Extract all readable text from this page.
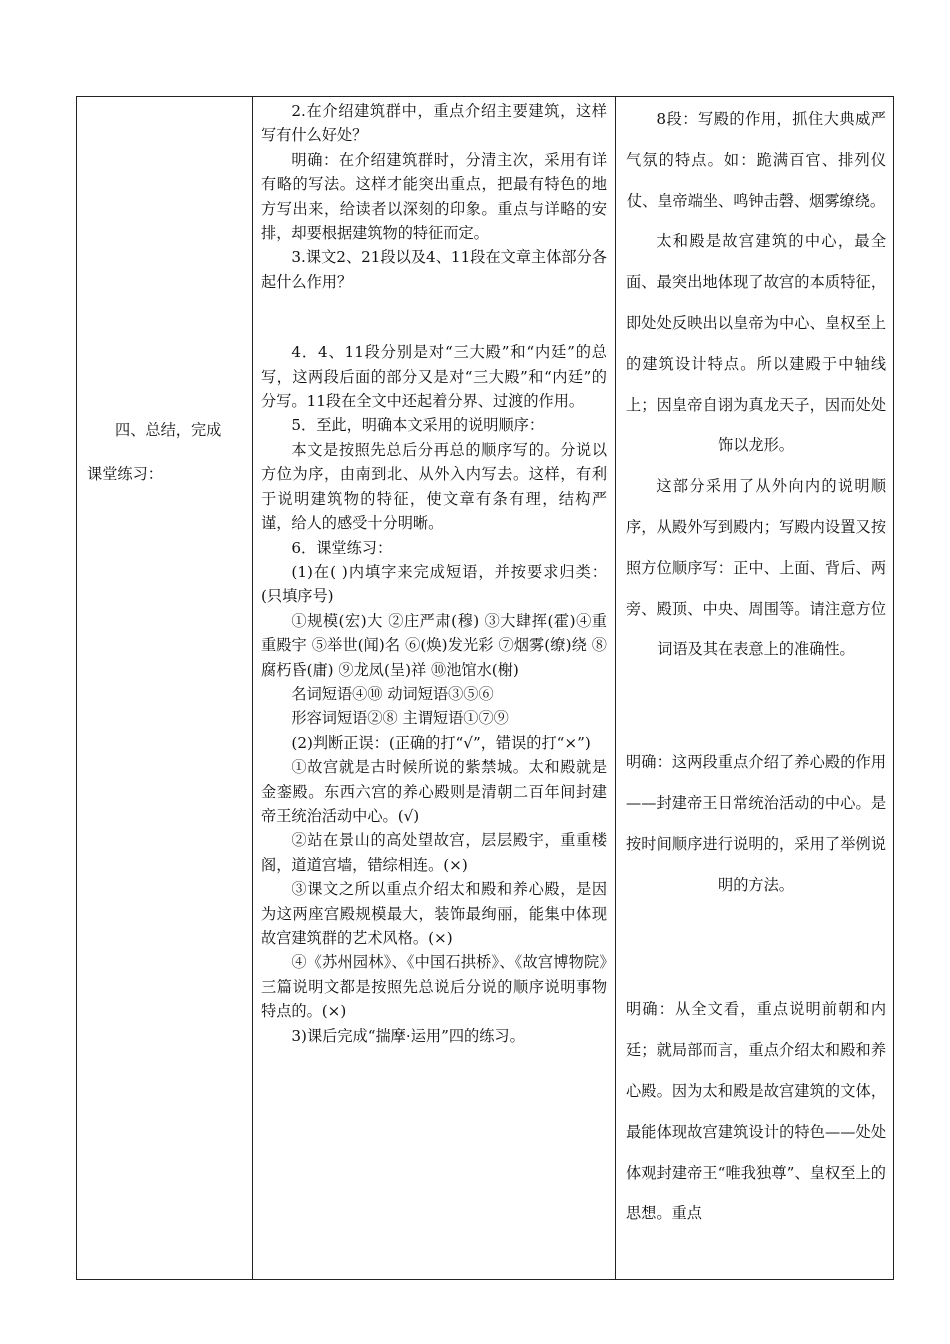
四、总结，完成
课堂练习：

2.在介绍建筑群中，重点介绍主要建筑，这样写有什么好处？

明确：在介绍建筑群时，分清主次，采用有详有略的写法。这样才能突出重点，把最有特色的地方写出来，给读者以深刻的印象。重点与详略的安排，却要根据建筑物的特征而定。

3.课文2、21段以及4、11段在文章主体部分各起什么作用？

4．4、11段分别是对“三大殿”和“内廷”的总写，这两段后面的部分又是对“三大殿”和“内廷”的分写。11段在全文中还起着分界、过渡的作用。

5．至此，明确本文采用的说明顺序：

本文是按照先总后分再总的顺序写的。分说以方位为序，由南到北、从外入内写去。这样，有利于说明建筑物的特征，使文章有条有理，结构严谨，给人的感受十分明晰。

6．课堂练习：

(1)在( )内填字来完成短语，并按要求归类：(只填序号)

①规模(宏)大 ②庄严肃(穆) ③大肆挥(霍)④重重殿宇 ⑤举世(闻)名 ⑥(焕)发光彩 ⑦烟雾(缭)绕 ⑧腐朽昏(庸) ⑨龙凤(呈)祥 ⑩池馆水(榭)

名词短语④⑩ 动词短语③⑤⑥

形容词短语②⑧ 主谓短语①⑦⑨

(2)判断正误：(正确的打“√”，错误的打“×”)

①故宫就是古时候所说的紫禁城。太和殿就是金銮殿。东西六宫的养心殿则是清朝二百年间封建帝王统治活动中心。(√)

②站在景山的高处望故宫，层层殿宇，重重楼阁，道道宫墙，错综相连。(×)

③课文之所以重点介绍太和殿和养心殿，是因为这两座宫殿规模最大，装饰最绚丽，能集中体现故宫建筑群的艺术风格。(×)

④《苏州园林》、《中国石拱桥》、《故宫博物院》三篇说明文都是按照先总说后分说的顺序说明事物特点的。(×)

3)课后完成“揣摩·运用”四的练习。

8段：写殿的作用，抓住大典威严气氛的特点。如：跪满百官、排列仪仗、皇帝端坐、鸣钟击磬、烟雾缭绕。

太和殿是故宫建筑的中心，最全面、最突出地体现了故宫的本质特征，即处处反映出以皇帝为中心、皇权至上的建筑设计特点。所以建殿于中轴线上；因皇帝自诩为真龙天子，因而处处饰以龙形。

这部分采用了从外向内的说明顺序，从殿外写到殿内；写殿内设置又按照方位顺序写：正中、上面、背后、两旁、殿顶、中央、周围等。请注意方位词语及其在表意上的准确性。

明确：这两段重点介绍了养心殿的作用——封建帝王日常统治活动的中心。是按时间顺序进行说明的，采用了举例说明的方法。

明确：从全文看，重点说明前朝和内廷；就局部而言，重点介绍太和殿和养心殿。因为太和殿是故宫建筑的文体，最能体现故宫建筑设计的特色——处处体观封建帝王“唯我独尊”、皇权至上的思想。重点
